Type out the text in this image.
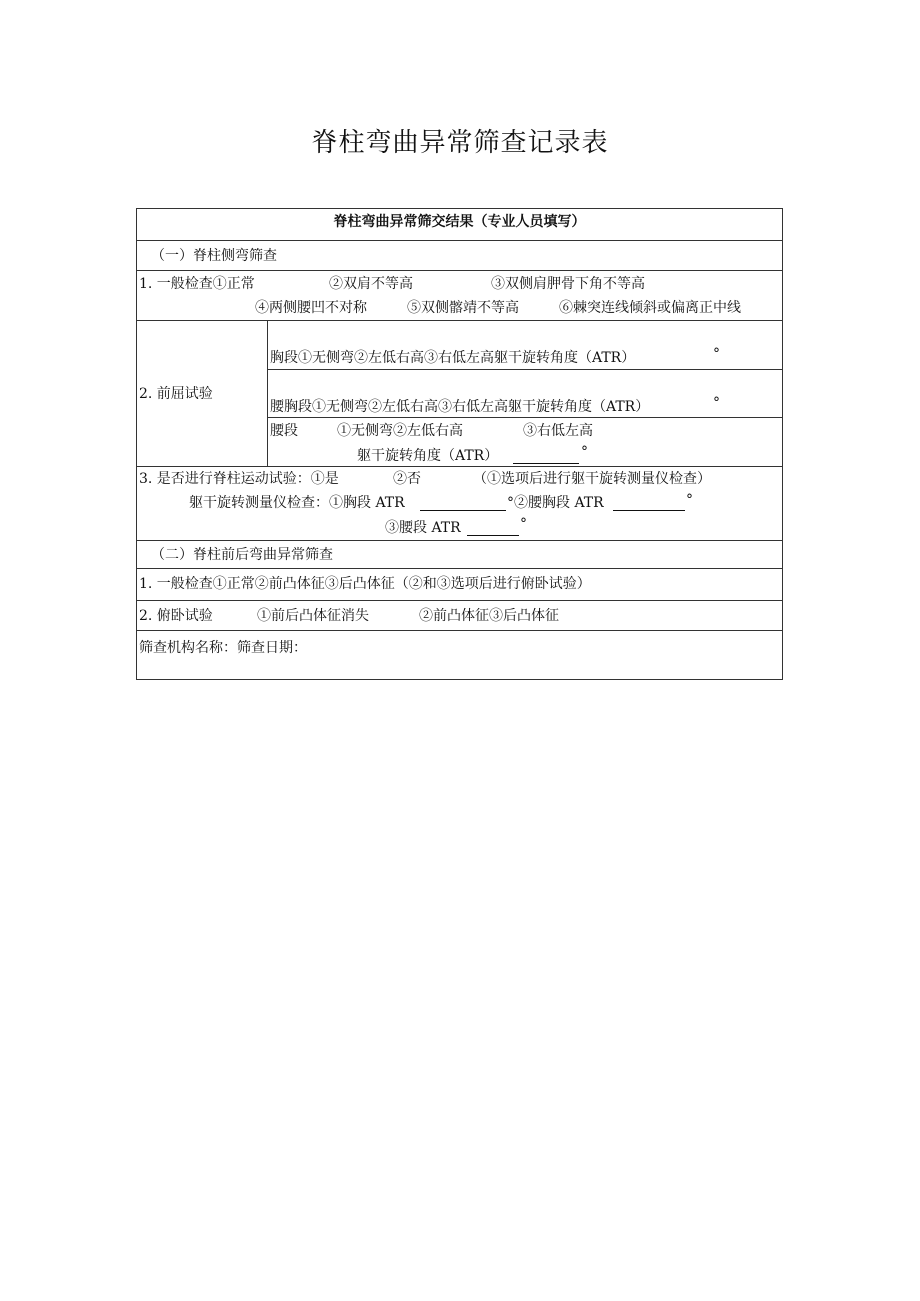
脊柱弯曲异常筛查记录表
脊柱弯曲异常筛交结果（专业人员填写）
（一）脊柱侧弯筛查
1. 一般检查①正常	②双肩不等高	③双侧肩胛骨下角不等高
④两侧腰凹不对称	⑤双侧髂靖不等高	⑥棘突连线倾斜或偏离正中线
2. 前屈试验
胸段①无侧弯②左低右高③右低左高躯干旋转角度（ATR）	°
腰胸段①无侧弯②左低右高③右低左高躯干旋转角度（ATR）	°
腰段	①无侧弯②左低右高	③右低左高
躯干旋转角度（ATR）	°
3. 是否进行脊柱运动试验：①是	②否	（①选项后进行躯干旋转测量仪检查）
躯干旋转测量仪检查：①胸段 ATR	°②腰胸段 ATR	°
③腰段 ATR	°
（二）脊柱前后弯曲异常筛查
1. 一般检查①正常②前凸体征③后凸体征（②和③选项后进行俯卧试验）
2. 俯卧试验	①前后凸体征消失	②前凸体征③后凸体征
筛查机构名称：筛查日期：
